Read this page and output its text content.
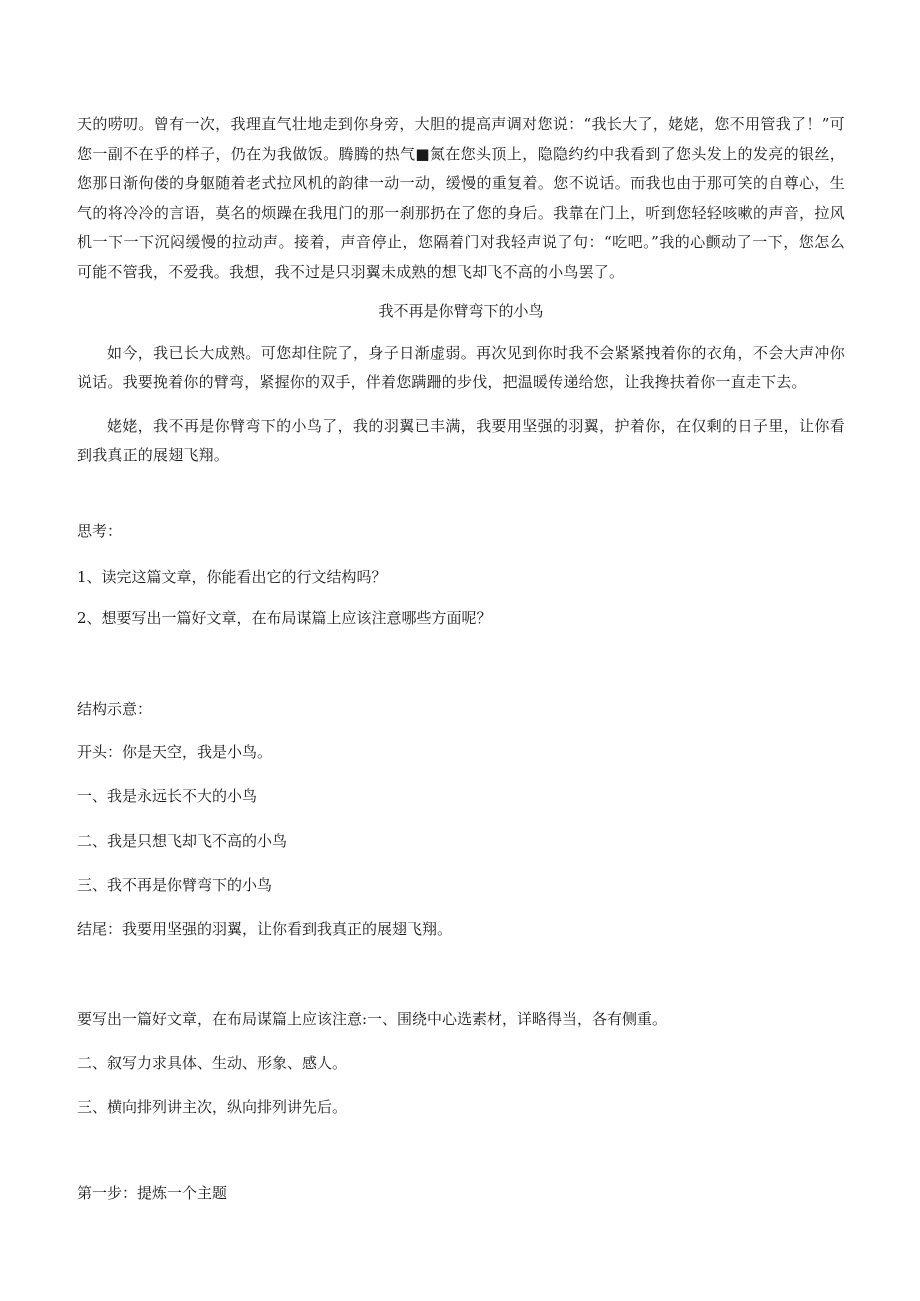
天的唠叨。曾有一次，我理直气壮地走到你身旁，大胆的提高声调对您说：“我长大了，姥姥，您不用管我了！”可您一副不在乎的样子，仍在为我做饭。腾腾的热气■氮在您头顶上，隐隐约约中我看到了您头发上的发亮的银丝，您那日渐佝偻的身躯随着老式拉风机的韵律一动一动，缓慢的重复着。您不说话。而我也由于那可笑的自尊心，生气的将冷冷的言语，莫名的烦躁在我甩门的那一刹那扔在了您的身后。我靠在门上，听到您轻轻咳嗽的声音，拉风机一下一下沉闷缓慢的拉动声。接着，声音停止，您隔着门对我轻声说了句：“吃吧。”我的心颤动了一下，您怎么可能不管我，不爱我。我想，我不过是只羽翼未成熟的想飞却飞不高的小鸟罢了。

我不再是你臂弯下的小鸟

如今，我已长大成熟。可您却住院了，身子日渐虚弱。再次见到你时我不会紧紧拽着你的衣角，不会大声冲你说话。我要挽着你的臂弯，紧握你的双手，伴着您蹒跚的步伐，把温暖传递给您，让我搀扶着你一直走下去。

姥姥，我不再是你臂弯下的小鸟了，我的羽翼已丰满，我要用坚强的羽翼，护着你，在仅剩的日子里，让你看到我真正的展翅飞翔。

思考：

1、读完这篇文章，你能看出它的行文结构吗？

2、想要写出一篇好文章，在布局谋篇上应该注意哪些方面呢？

结构示意：

开头：你是天空，我是小鸟。

一、我是永远长不大的小鸟

二、我是只想飞却飞不高的小鸟

三、我不再是你臂弯下的小鸟

结尾：我要用坚强的羽翼，让你看到我真正的展翅飞翔。

要写出一篇好文章，在布局谋篇上应该注意:一、围绕中心选素材，详略得当，各有侧重。

二、叙写力求具体、生动、形象、感人。

三、横向排列讲主次，纵向排列讲先后。

第一步：提炼一个主题
